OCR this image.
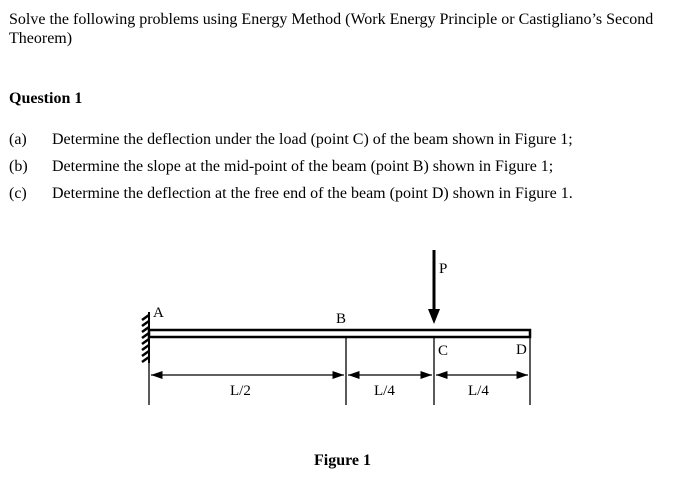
Solve the following problems using Energy Method (Work Energy Principle or Castigliano’s Second Theorem)
Question 1
(a) Determine the deflection under the load (point C) of the beam shown in Figure 1;
(b) Determine the slope at the mid-point of the beam (point B) shown in Figure 1;
(c) Determine the deflection at the free end of the beam (point D) shown in Figure 1.
A	B
C	D
P
L/2	L/4	L/4
Figure 1
